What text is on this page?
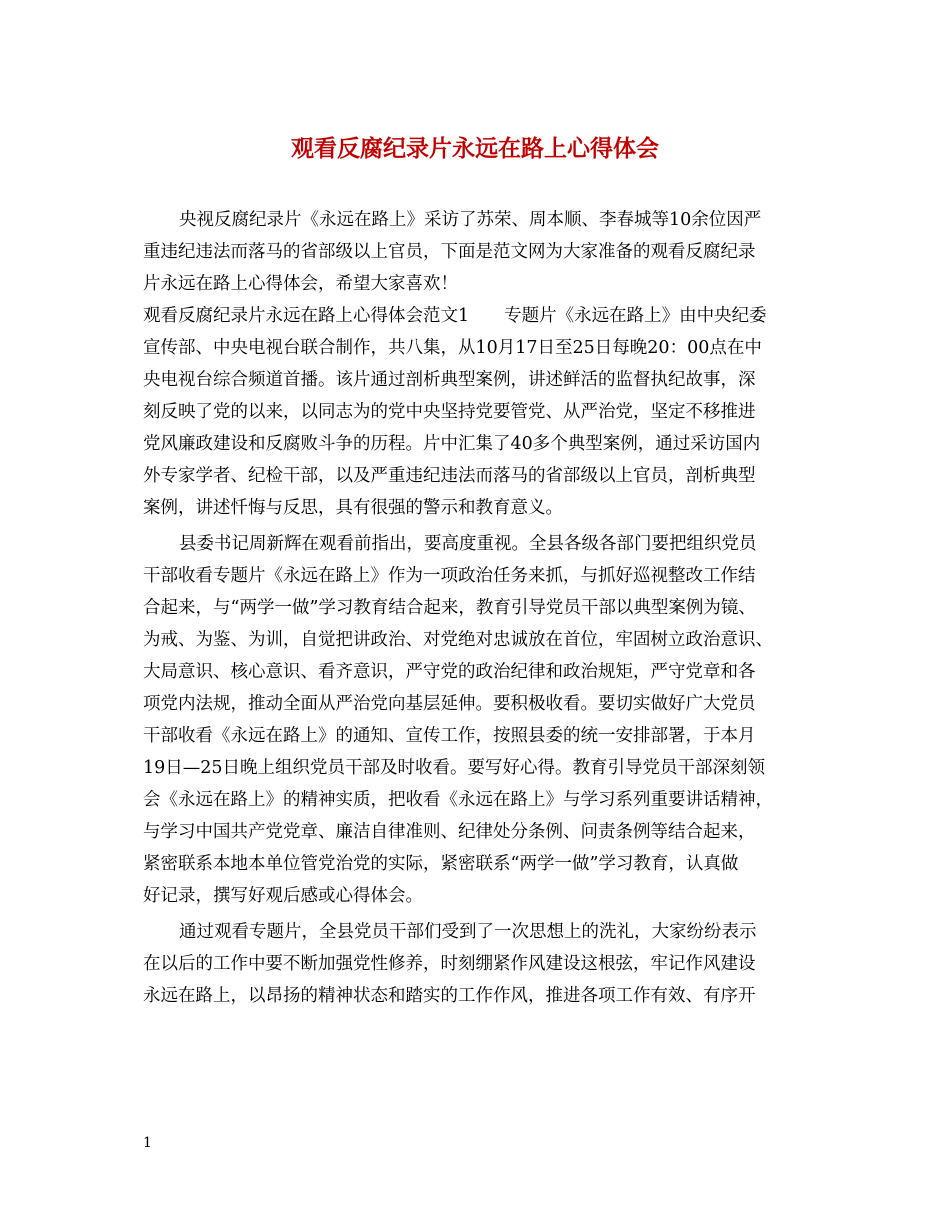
观看反腐纪录片永远在路上心得体会
央视反腐纪录片《永远在路上》采访了苏荣、周本顺、李春城等10余位因严
重违纪违法而落马的省部级以上官员，下面是范文网为大家准备的观看反腐纪录
片永远在路上心得体会，希望大家喜欢！
观看反腐纪录片永远在路上心得体会范文1　　专题片《永远在路上》由中央纪委
宣传部、中央电视台联合制作，共八集，从10月17日至25日每晚20：00点在中
央电视台综合频道首播。该片通过剖析典型案例，讲述鲜活的监督执纪故事，深
刻反映了党的以来，以同志为的党中央坚持党要管党、从严治党，坚定不移推进
党风廉政建设和反腐败斗争的历程。片中汇集了40多个典型案例，通过采访国内
外专家学者、纪检干部，以及严重违纪违法而落马的省部级以上官员，剖析典型
案例，讲述忏悔与反思，具有很强的警示和教育意义。
县委书记周新辉在观看前指出，要高度重视。全县各级各部门要把组织党员
干部收看专题片《永远在路上》作为一项政治任务来抓，与抓好巡视整改工作结
合起来，与“两学一做”学习教育结合起来，教育引导党员干部以典型案例为镜、
为戒、为鉴、为训，自觉把讲政治、对党绝对忠诚放在首位，牢固树立政治意识、
大局意识、核心意识、看齐意识，严守党的政治纪律和政治规矩，严守党章和各
项党内法规，推动全面从严治党向基层延伸。要积极收看。要切实做好广大党员
干部收看《永远在路上》的通知、宣传工作，按照县委的统一安排部署，于本月
19日—25日晚上组织党员干部及时收看。要写好心得。教育引导党员干部深刻领
会《永远在路上》的精神实质，把收看《永远在路上》与学习系列重要讲话精神，
与学习中国共产党党章、廉洁自律准则、纪律处分条例、问责条例等结合起来，
紧密联系本地本单位管党治党的实际，紧密联系“两学一做”学习教育，认真做
好记录，撰写好观后感或心得体会。
通过观看专题片，全县党员干部们受到了一次思想上的洗礼，大家纷纷表示
在以后的工作中要不断加强党性修养，时刻绷紧作风建设这根弦，牢记作风建设
永远在路上，以昂扬的精神状态和踏实的工作作风，推进各项工作有效、有序开
1
